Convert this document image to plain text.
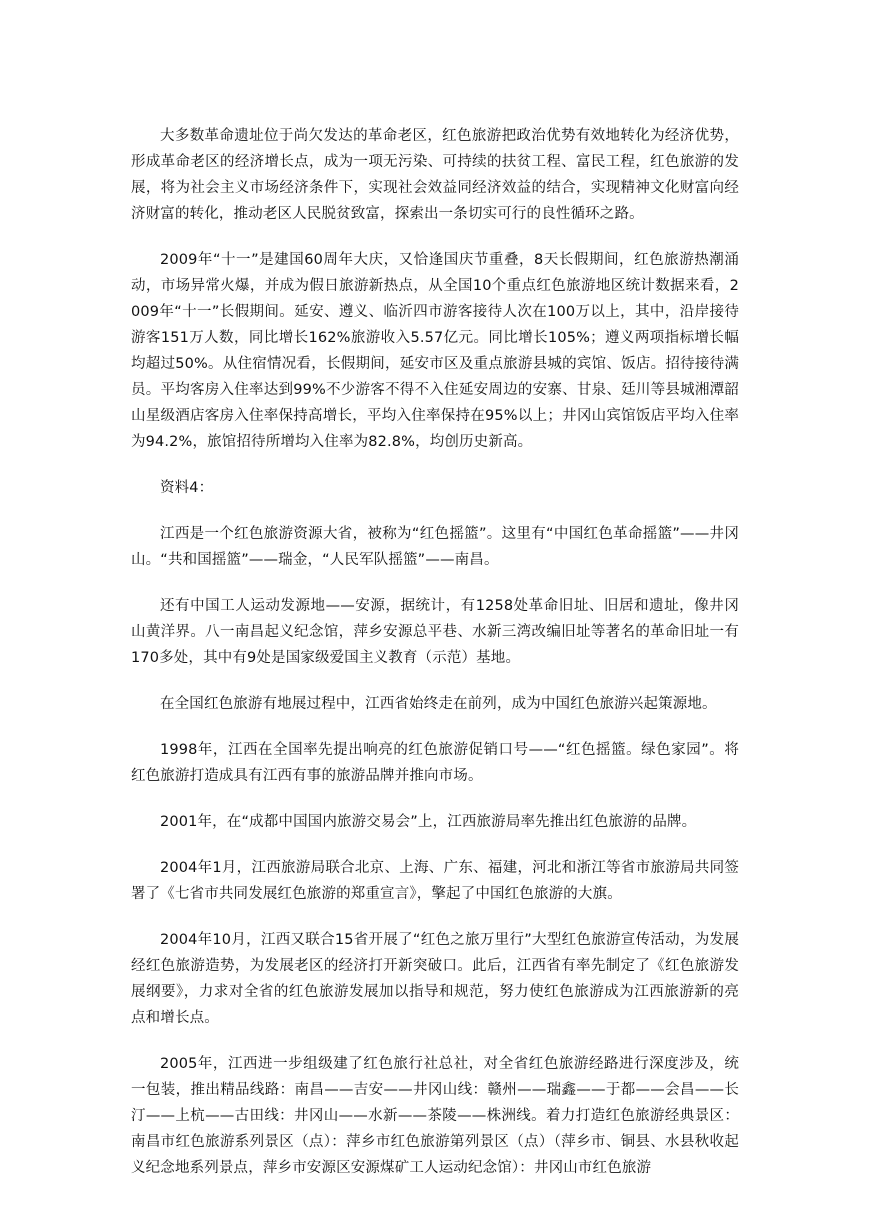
大多数革命遗址位于尚欠发达的革命老区，红色旅游把政治优势有效地转化为经济优势，形成革命老区的经济增长点，成为一项无污染、可持续的扶贫工程、富民工程，红色旅游的发展，将为社会主义市场经济条件下，实现社会效益同经济效益的结合，实现精神文化财富向经济财富的转化，推动老区人民脱贫致富，探索出一条切实可行的良性循环之路。

2009年“十一”是建国60周年大庆，又恰逢国庆节重叠，8天长假期间，红色旅游热潮涌动，市场异常火爆，并成为假日旅游新热点，从全国10个重点红色旅游地区统计数据来看，2009年“十一”长假期间。延安、遵义、临沂四市游客接待人次在100万以上，其中，沿岸接待游客151万人数，同比增长162%旅游收入5.57亿元。同比增长105%；遵义两项指标增长幅均超过50%。从住宿情况看，长假期间，延安市区及重点旅游县城的宾馆、饭店。招待接待满员。平均客房入住率达到99%不少游客不得不入住延安周边的安寨、甘泉、廷川等县城湘潭韶山星级酒店客房入住率保持高增长，平均入住率保持在95%以上；井冈山宾馆饭店平均入住率为94.2%，旅馆招待所增均入住率为82.8%，均创历史新高。

资料4：

江西是一个红色旅游资源大省，被称为“红色摇篮”。这里有“中国红色革命摇篮”——井冈山。“共和国摇篮”——瑞金，“人民军队摇篮”——南昌。

还有中国工人运动发源地——安源，据统计，有1258处革命旧址、旧居和遗址，像井冈山黄洋界。八一南昌起义纪念馆，萍乡安源总平巷、水新三湾改编旧址等著名的革命旧址一有170多处，其中有9处是国家级爱国主义教育（示范）基地。

在全国红色旅游有地展过程中，江西省始终走在前列，成为中国红色旅游兴起策源地。

1998年，江西在全国率先提出响亮的红色旅游促销口号——“红色摇篮。绿色家园”。将红色旅游打造成具有江西有事的旅游品牌并推向市场。

2001年，在“成都中国国内旅游交易会”上，江西旅游局率先推出红色旅游的品牌。

2004年1月，江西旅游局联合北京、上海、广东、福建，河北和浙江等省市旅游局共同签署了《七省市共同发展红色旅游的郑重宣言》，擎起了中国红色旅游的大旗。

2004年10月，江西又联合15省开展了“红色之旅万里行”大型红色旅游宣传活动，为发展经红色旅游造势，为发展老区的经济打开新突破口。此后，江西省有率先制定了《红色旅游发展纲要》，力求对全省的红色旅游发展加以指导和规范，努力使红色旅游成为江西旅游新的亮点和增长点。

2005年，江西进一步组级建了红色旅行社总社，对全省红色旅游经路进行深度涉及，统一包装，推出精品线路：南昌——吉安——井冈山线：赣州——瑞鑫——于都——会昌——长汀——上杭——古田线：井冈山——水新——茶陵——株洲线。着力打造红色旅游经典景区：南昌市红色旅游系列景区（点）：萍乡市红色旅游第列景区（点）（萍乡市、铜县、水县秋收起义纪念地系列景点，萍乡市安源区安源煤矿工人运动纪念馆）：井冈山市红色旅游
